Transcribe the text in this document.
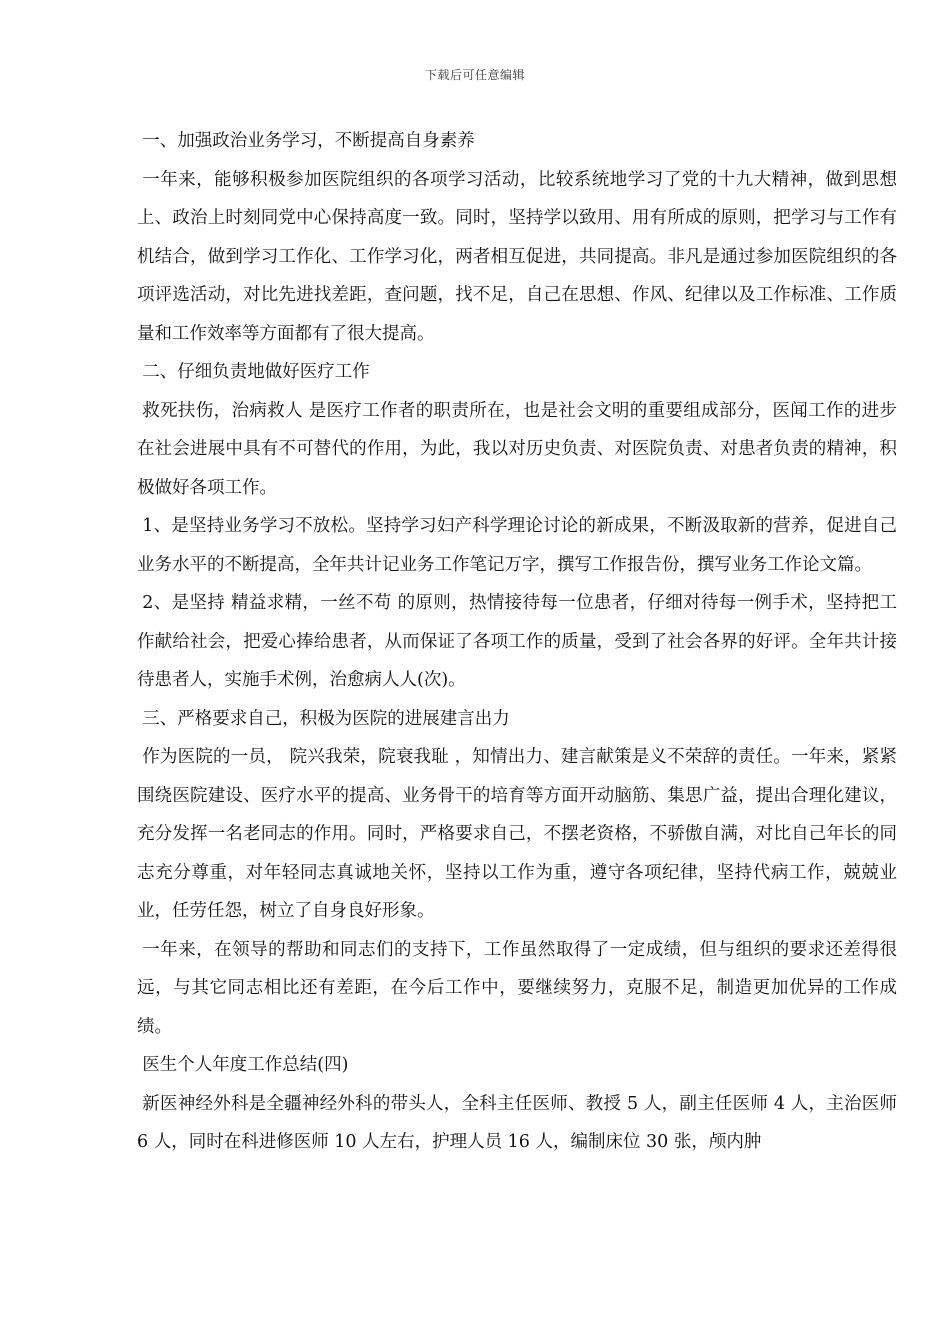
下载后可任意编辑

一、加强政治业务学习，不断提高自身素养

一年来，能够积极参加医院组织的各项学习活动，比较系统地学习了党的十九大精神，做到思想上、政治上时刻同党中心保持高度一致。同时，坚持学以致用、用有所成的原则，把学习与工作有机结合，做到学习工作化、工作学习化，两者相互促进，共同提高。非凡是通过参加医院组织的各项评选活动，对比先进找差距，查问题，找不足，自己在思想、作风、纪律以及工作标准、工作质量和工作效率等方面都有了很大提高。

二、仔细负责地做好医疗工作

救死扶伤，治病救人 是医疗工作者的职责所在，也是社会文明的重要组成部分，医闻工作的进步在社会进展中具有不可替代的作用，为此，我以对历史负责、对医院负责、对患者负责的精神，积极做好各项工作。

1、是坚持业务学习不放松。坚持学习妇产科学理论讨论的新成果，不断汲取新的营养，促进自己业务水平的不断提高，全年共计记业务工作笔记万字，撰写工作报告份，撰写业务工作论文篇。

2、是坚持 精益求精，一丝不苟 的原则，热情接待每一位患者，仔细对待每一例手术，坚持把工作献给社会，把爱心捧给患者，从而保证了各项工作的质量，受到了社会各界的好评。全年共计接待患者人，实施手术例，治愈病人人(次)。

三、严格要求自己，积极为医院的进展建言出力

作为医院的一员， 院兴我荣，院衰我耻 ，知情出力、建言献策是义不荣辞的责任。一年来，紧紧围绕医院建设、医疗水平的提高、业务骨干的培育等方面开动脑筋、集思广益，提出合理化建议，充分发挥一名老同志的作用。同时，严格要求自己，不摆老资格，不骄傲自满，对比自己年长的同志充分尊重，对年轻同志真诚地关怀，坚持以工作为重，遵守各项纪律，坚持代病工作，兢兢业业，任劳任怨，树立了自身良好形象。

一年来，在领导的帮助和同志们的支持下，工作虽然取得了一定成绩，但与组织的要求还差得很远，与其它同志相比还有差距，在今后工作中，要继续努力，克服不足，制造更加优异的工作成绩。

医生个人年度工作总结(四)

新医神经外科是全疆神经外科的带头人，全科主任医师、教授 5 人，副主任医师 4 人，主治医师 6 人，同时在科进修医师 10 人左右，护理人员 16 人，编制床位 30 张，颅内肿
